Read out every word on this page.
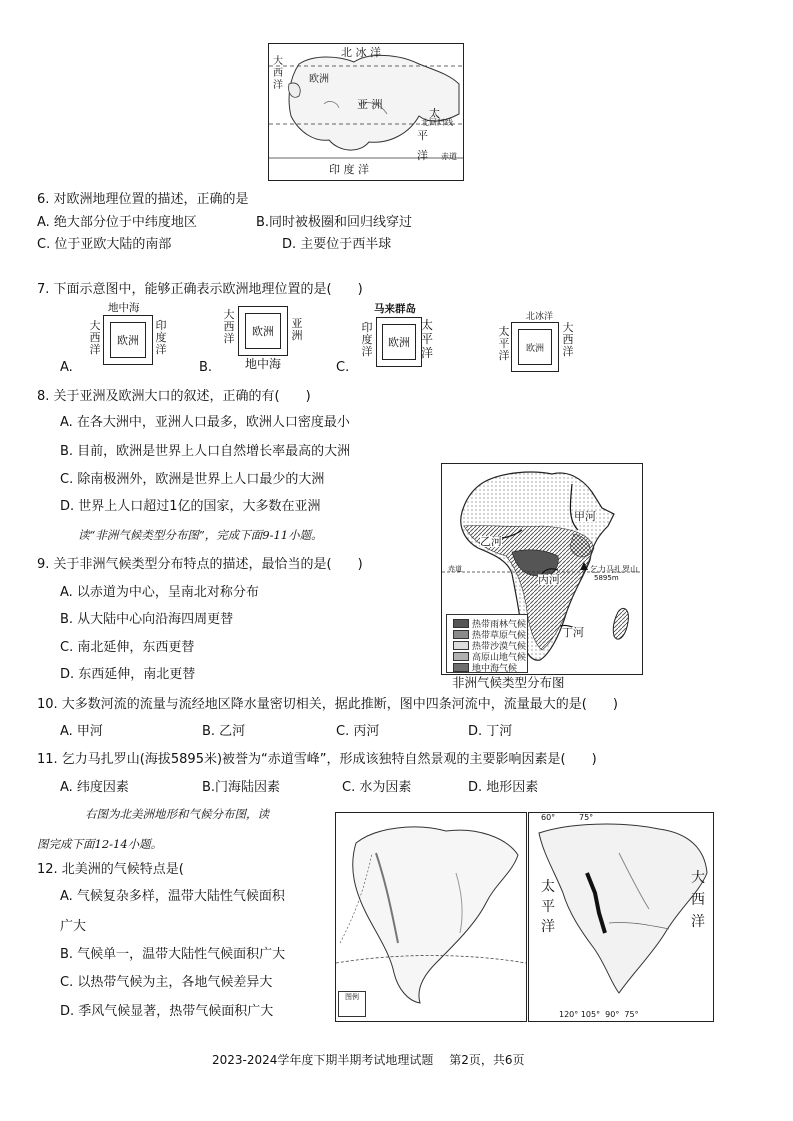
北 冰 洋
大西洋
欧洲
亚 洲
太
北回归线
平
洋 赤道
印 度 洋
6. 对欧洲地理位置的描述，正确的是
A. 绝大部分位于中纬度地区	B.同时被极圈和回归线穿过
C. 位于亚欧大陆的南部	D. 主要位于西半球
7. 下面示意图中，能够正确表示欧洲地理位置的是(　　)
地中海
欧洲
大西洋
印度洋
A.
欧洲
大西洋
亚洲
地中海
B.
马来群岛
欧洲
印度洋
太平洋
C.
北冰洋
欧洲
太平洋
大西洋
8. 关于亚洲及欧洲大口的叙述，正确的有(　　)
A. 在各大洲中，亚洲人口最多，欧洲人口密度最小
B. 目前，欧洲是世界上人口自然增长率最高的大洲
C. 除南极洲外，欧洲是世界上人口最少的大洲
D. 世界上人口超过1亿的国家，大多数在亚洲
读“非洲气候类型分布图”，完成下面9-11小题。
甲河
乙河
赤道
丙河
乞力马扎罗山
5895m
丁河
热带雨林气候
热带草原气候
热带沙漠气候
高原山地气候
地中海气候
非洲气候类型分布图
9. 关于非洲气候类型分布特点的描述，最恰当的是(　　)
A. 以赤道为中心，呈南北对称分布
B. 从大陆中心向沿海四周更替
C. 南北延伸，东西更替
D. 东西延伸，南北更替
10. 大多数河流的流量与流经地区降水量密切相关，据此推断，图中四条河流中，流量最大的是(　　)
A. 甲河	B. 乙河	C. 丙河	D. 丁河
11. 乞力马扎罗山(海拔5895米)被誉为“赤道雪峰”，形成该独特自然景观的主要影响因素是(　　)
A. 纬度因素	B.门海陆因素	C. 水为因素	D. 地形因素
右图为北美洲地形和气候分布图，读
图完成下面12-14小题。
12. 北美洲的气候特点是(
A. 气候复杂多样，温带大陆性气候面积
广大
B. 气候单一，温带大陆性气候面积广大
C. 以热带气候为主，各地气候差异大
D. 季风气候显著，热带气候面积广大
图例
60°	75°
太平洋
大西洋
120° 105°  90°  75°
2023-2024学年度下期半期考试地理试题　 第2页，共6页
